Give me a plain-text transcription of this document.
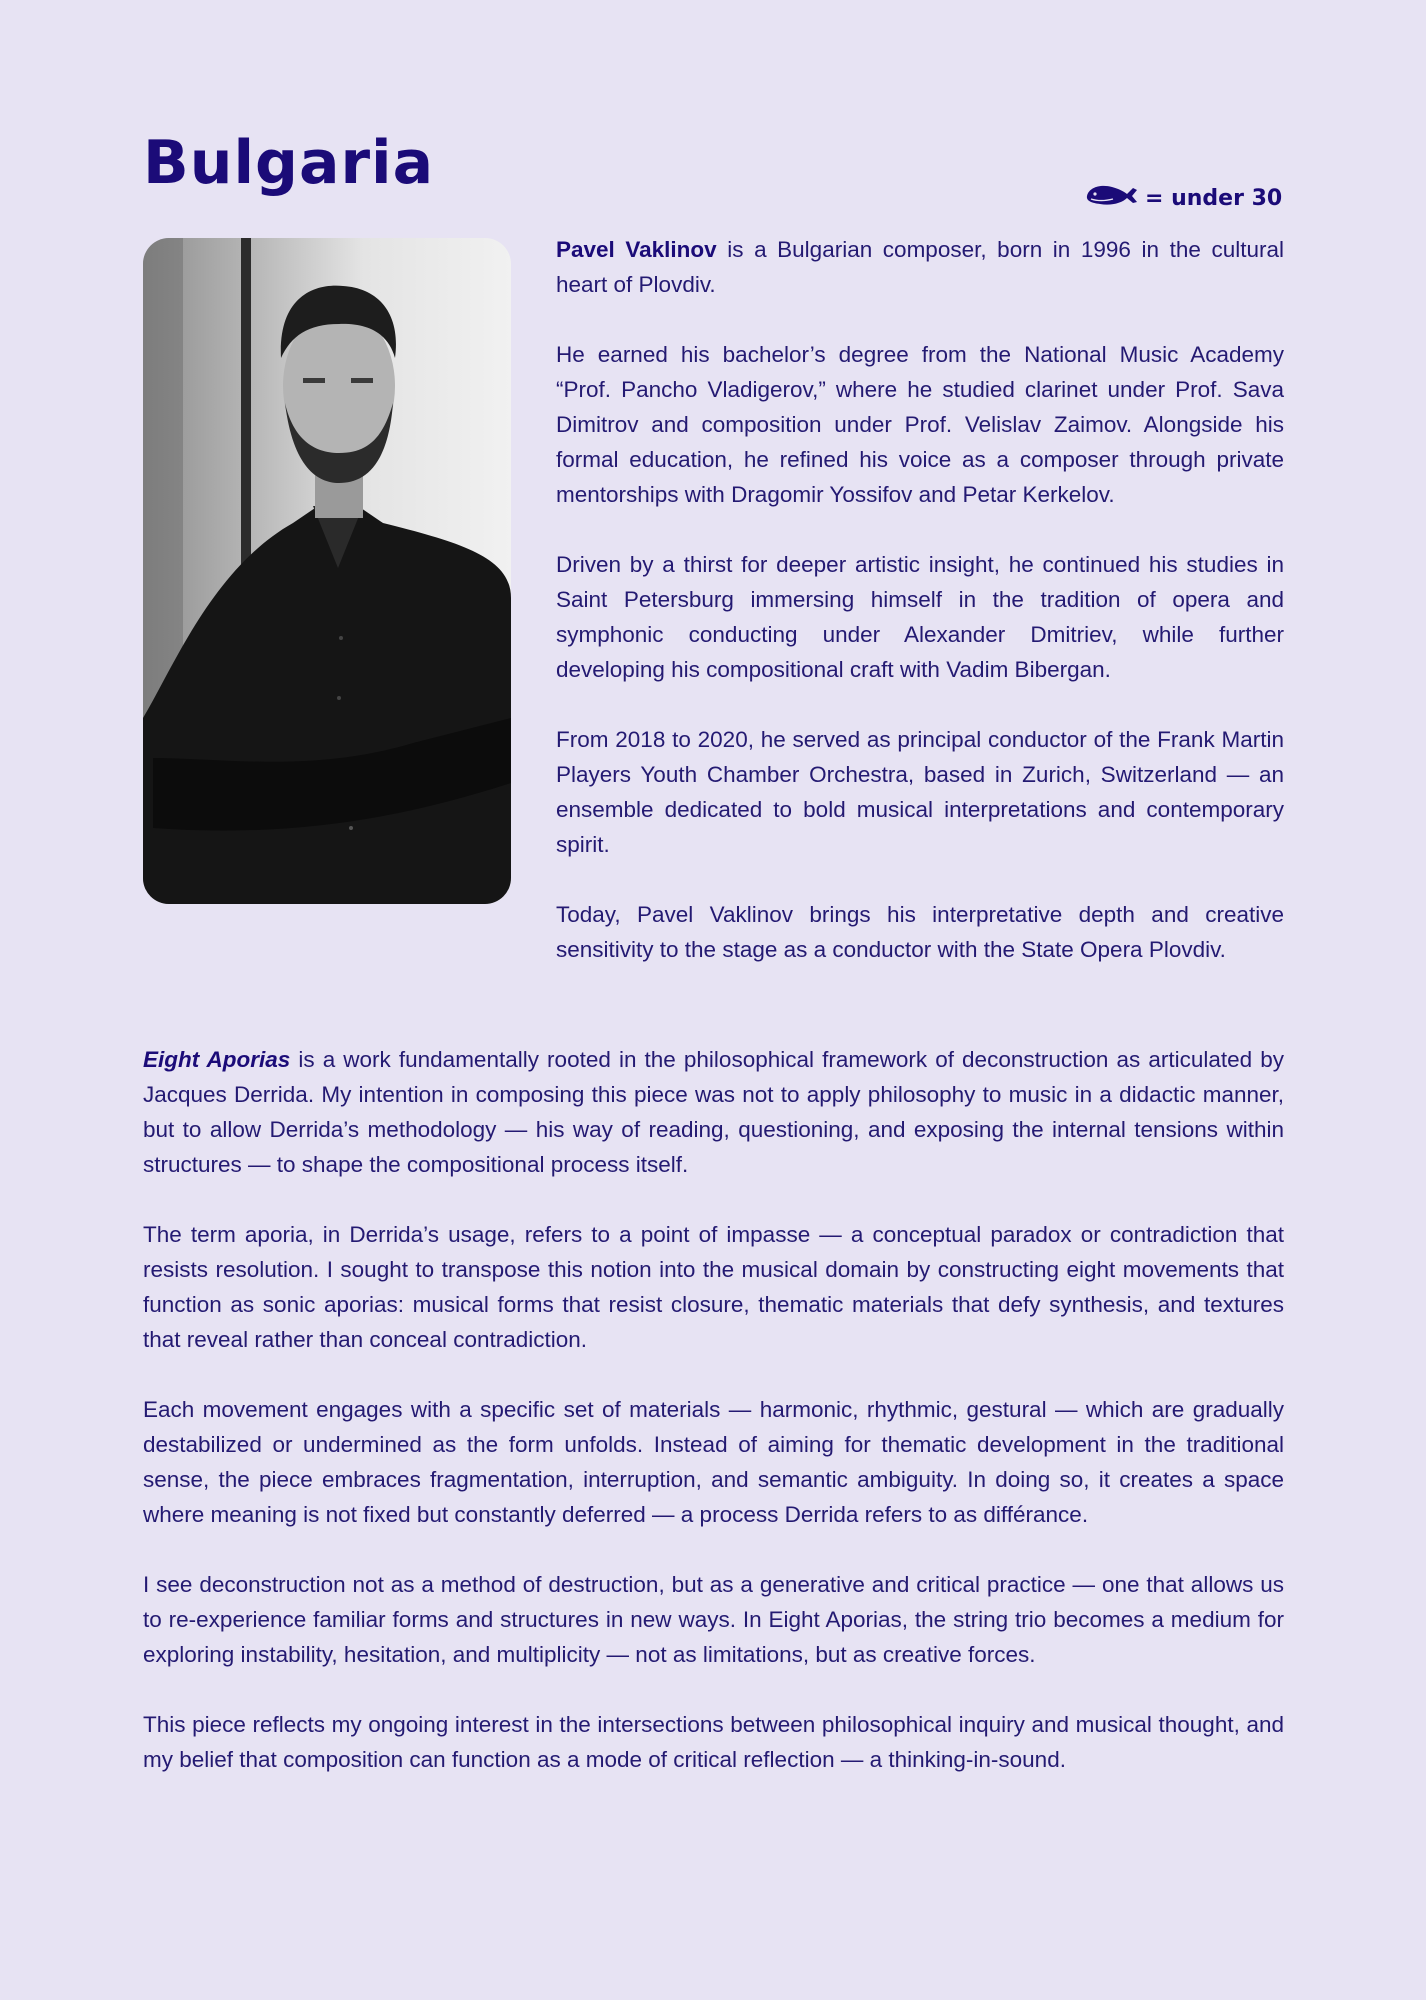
Bulgaria	= under 30

Pavel Vaklinov is a Bulgarian composer, born in 1996 in the cultural heart of Plovdiv.

He earned his bachelor’s degree from the National Music Academy “Prof. Pancho Vladigerov,” where he studied clarinet under Prof. Sava Dimitrov and composition under Prof. Velislav Zaimov. Alongside his formal education, he refined his voice as a composer through private mentorships with Dragomir Yossifov and Petar Kerkelov.

Driven by a thirst for deeper artistic insight, he continued his studies in Saint Petersburg immersing himself in the tradition of opera and symphonic conducting under Alexander Dmitriev, while further developing his compositional craft with Vadim Bibergan.

From 2018 to 2020, he served as principal conductor of the Frank Martin Players Youth Chamber Orchestra, based in Zurich, Switzerland — an ensemble dedicated to bold musical interpretations and contemporary spirit.

Today, Pavel Vaklinov brings his interpretative depth and creative sensitivity to the stage as a conductor with the State Opera Plovdiv.

Eight Aporias is a work fundamentally rooted in the philosophical framework of deconstruction as articulated by Jacques Derrida. My intention in composing this piece was not to apply philosophy to music in a didactic manner, but to allow Derrida’s methodology — his way of reading, questioning, and exposing the internal tensions within structures — to shape the compositional process itself.

The term aporia, in Derrida’s usage, refers to a point of impasse — a conceptual paradox or contradiction that resists resolution. I sought to transpose this notion into the musical domain by constructing eight movements that function as sonic aporias: musical forms that resist closure, thematic materials that defy synthesis, and textures that reveal rather than conceal contradiction.

Each movement engages with a specific set of materials — harmonic, rhythmic, gestural — which are gradually destabilized or undermined as the form unfolds. Instead of aiming for thematic development in the traditional sense, the piece embraces fragmentation, interruption, and semantic ambiguity. In doing so, it creates a space where meaning is not fixed but constantly deferred — a process Derrida refers to as différance.

I see deconstruction not as a method of destruction, but as a generative and critical practice — one that allows us to re-experience familiar forms and structures in new ways. In Eight Aporias, the string trio becomes a medium for exploring instability, hesitation, and multiplicity — not as limitations, but as creative forces.

This piece reflects my ongoing interest in the intersections between philosophical inquiry and musical thought, and my belief that composition can function as a mode of critical reflection — a thinking-in-sound.
